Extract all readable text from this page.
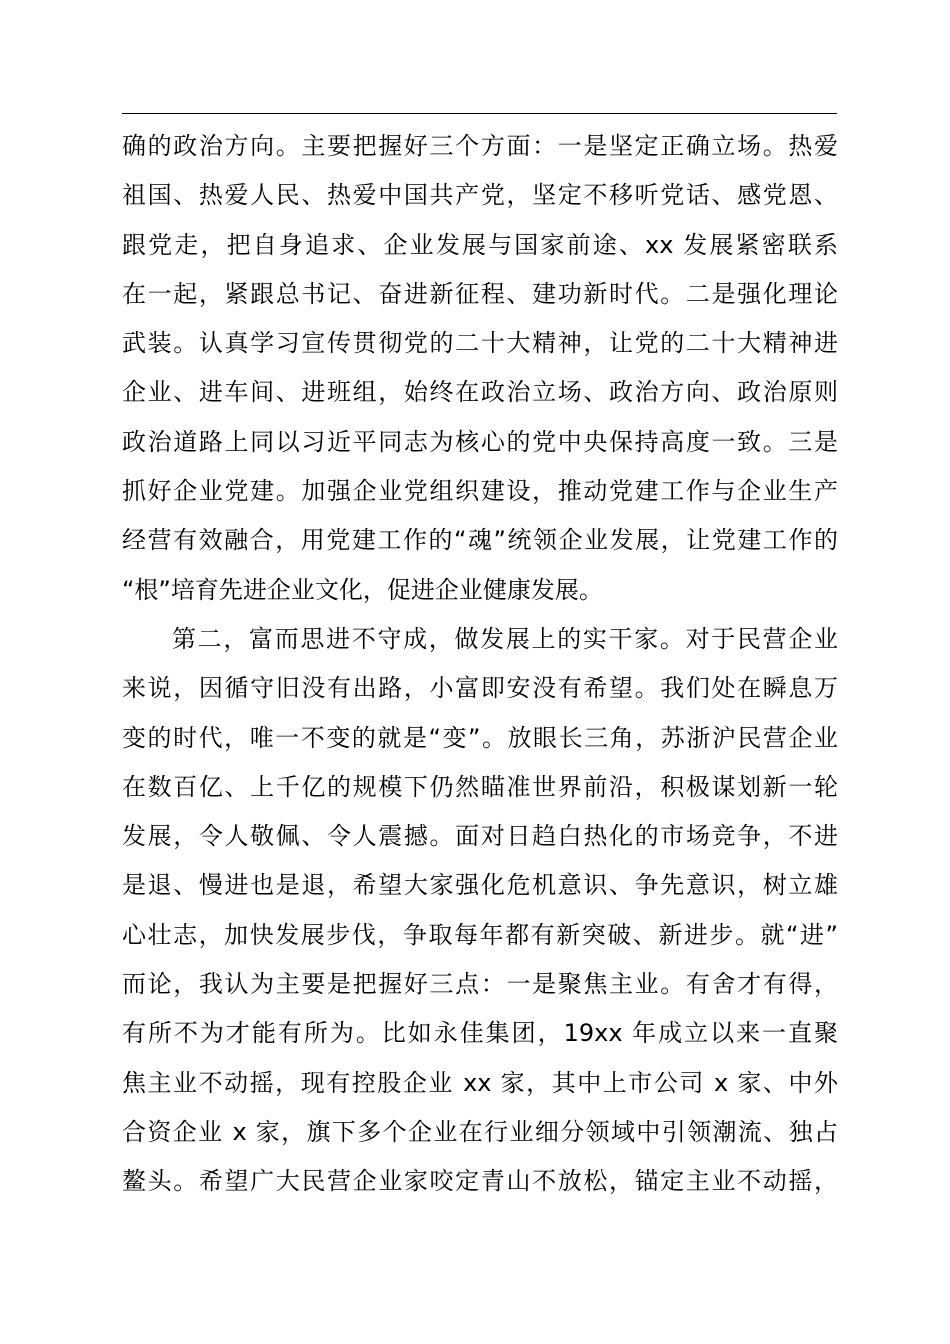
确的政治方向。主要把握好三个方面：一是坚定正确立场。热爱
祖国、热爱人民、热爱中国共产党，坚定不移听党话、感党恩、
跟党走，把自身追求、企业发展与国家前途、xx 发展紧密联系
在一起，紧跟总书记、奋进新征程、建功新时代。二是强化理论
武装。认真学习宣传贯彻党的二十大精神，让党的二十大精神进
企业、进车间、进班组，始终在政治立场、政治方向、政治原则
政治道路上同以习近平同志为核心的党中央保持高度一致。三是
抓好企业党建。加强企业党组织建设，推动党建工作与企业生产
经营有效融合，用党建工作的“魂”统领企业发展，让党建工作的
“根”培育先进企业文化，促进企业健康发展。
第二，富而思进不守成，做发展上的实干家。对于民营企业
来说，因循守旧没有出路，小富即安没有希望。我们处在瞬息万
变的时代，唯一不变的就是“变”。放眼长三角，苏浙沪民营企业
在数百亿、上千亿的规模下仍然瞄准世界前沿，积极谋划新一轮
发展，令人敬佩、令人震撼。面对日趋白热化的市场竞争，不进
是退、慢进也是退，希望大家强化危机意识、争先意识，树立雄
心壮志，加快发展步伐，争取每年都有新突破、新进步。就“进”
而论，我认为主要是把握好三点：一是聚焦主业。有舍才有得，
有所不为才能有所为。比如永佳集团，19xx 年成立以来一直聚
焦主业不动摇，现有控股企业 xx 家，其中上市公司 x 家、中外
合资企业 x 家，旗下多个企业在行业细分领域中引领潮流、独占
鳌头。希望广大民营企业家咬定青山不放松，锚定主业不动摇，
